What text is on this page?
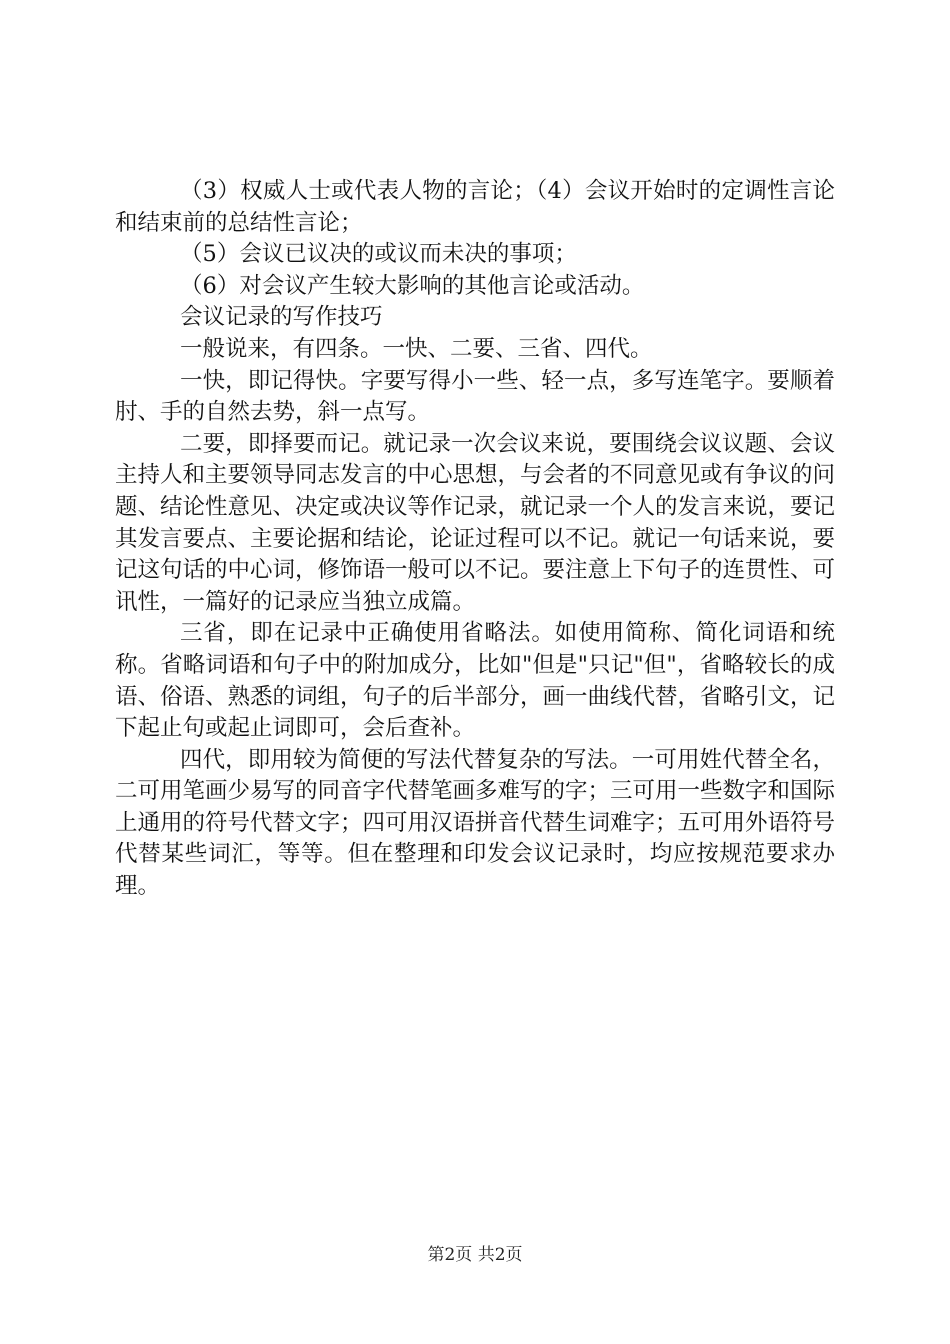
（3）权威人士或代表人物的言论；（4）会议开始时的定调性言论和结束前的总结性言论；

（5）会议已议决的或议而未决的事项；

（6）对会议产生较大影响的其他言论或活动。

会议记录的写作技巧

一般说来，有四条。一快、二要、三省、四代。

一快，即记得快。字要写得小一些、轻一点，多写连笔字。要顺着肘、手的自然去势，斜一点写。

二要，即择要而记。就记录一次会议来说，要围绕会议议题、会议主持人和主要领导同志发言的中心思想，与会者的不同意见或有争议的问题、结论性意见、决定或决议等作记录，就记录一个人的发言来说，要记其发言要点、主要论据和结论，论证过程可以不记。就记一句话来说，要记这句话的中心词，修饰语一般可以不记。要注意上下句子的连贯性、可讯性，一篇好的记录应当独立成篇。

三省，即在记录中正确使用省略法。如使用简称、简化词语和统称。省略词语和句子中的附加成分，比如"但是"只记"但"，省略较长的成语、俗语、熟悉的词组，句子的后半部分，画一曲线代替，省略引文，记下起止句或起止词即可，会后查补。

四代，即用较为简便的写法代替复杂的写法。一可用姓代替全名，二可用笔画少易写的同音字代替笔画多难写的字；三可用一些数字和国际上通用的符号代替文字；四可用汉语拼音代替生词难字；五可用外语符号代替某些词汇，等等。但在整理和印发会议记录时，均应按规范要求办理。

第2页 共2页
